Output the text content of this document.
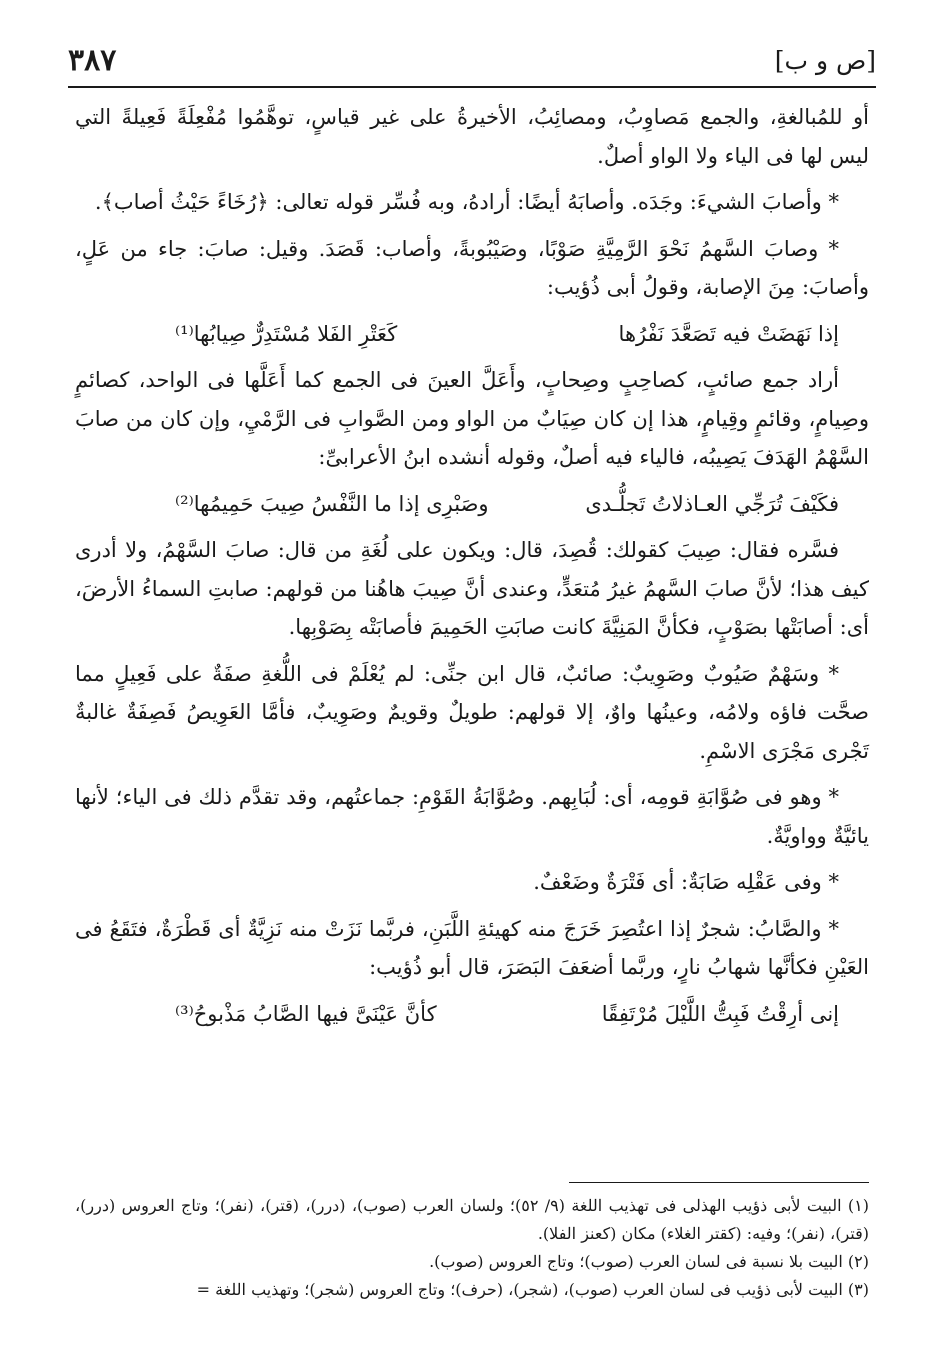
٣٨٧	[ص و ب]

أو للمُبالغةِ، والجمع مَصاوِبُ، ومصائِبُ، الأخيرةُ على غير قياسٍ، توهَّمُوا مُفْعِلَةً فَعِيلةً التي ليس لها فى الياء ولا الواو أصلٌ.

* وأصابَ الشيءَ: وجَدَه. وأصابَهُ أيضًا: أرادهُ، وبه فُسِّر قوله تعالى: ﴿رُخَاءً حَيْثُ أصاب﴾.

* وصابَ السَّهمُ نَحْوَ الرَّمِيَّةِ صَوْبًا، وصَيْبُوبةً، وأصاب: قَصَدَ. وقيل: صابَ: جاء من عَلٍ، وأصابَ: مِنَ الإصابة، وقولُ أبى ذُؤيب:

إذا نَهَضَتْ فيه تَصَعَّدَ نَفْرُها
كَعَتْرِ الفَلا مُسْتَدِرٌّ صِيابُها⁽¹⁾

أراد جمع صائبٍ، كصاحِبٍ وصِحابٍ، وأَعَلَّ العينَ فى الجمع كما أَعَلَّها فى الواحد، كصائمٍ وصِيامٍ، وقائمٍ وقِيامٍ، هذا إن كان صِيَابٌ من الواو ومن الصَّوابِ فى الرَّمْيِ، وإن كان من صابَ السَّهْمُ الهَدَفَ يَصِيبُه، فالياء فيه أصلٌ، وقوله أنشده ابنُ الأعرابىِّ:

فكَيْفَ تُرَجِّي العـاذلاتُ تَجلُّـدى
وصَبْرِى إذا ما النَّفْسُ صِيبَ حَمِيمُها⁽²⁾

فسَّره فقال: صِيبَ كقولك: قُصِدَ، قال: ويكون على لُغَةِ من قال: صابَ السَّهْمُ، ولا أدرى كيف هذا؛ لأنَّ صابَ السَّهمُ غيرُ مُتعَدٍّ، وعندى أنَّ صِيبَ هاهُنا من قولهم: صابتِ السماءُ الأرضَ، أى: أصابَتْها بصَوْبٍ، فكأنَّ المَنِيَّةَ كانت صابَتِ الحَمِيمَ فأصابَتْه بِصَوْبِها.

* وسَهْمٌ صَيُوبٌ وصَوِيبٌ: صائبٌ، قال ابن جنِّى: لم يُعْلَمْ فى اللُّغةِ صفَةٌ على فَعِيلٍ مما صحَّت فاؤه ولامُه، وعينُها واوٌ، إلا قولهم: طويلٌ وقويمٌ وصَوِيبٌ، فأمَّا العَوِيصُ فَصِفَةٌ غالبةٌ تَجْرى مَجْرَى الاسْمِ.

* وهو فى صُوَّابَةِ قومِه، أى: لُبَابِهم. وصُوَّابَةُ القَوْمِ: جماعتُهم، وقد تقدَّم ذلك فى الياء؛ لأنها يائيَّةٌ وواويَّةٌ.

* وفى عَقْلِه صَابَةٌ: أى فَتْرَةٌ وضَعْفٌ.

* والصَّابُ: شجرٌ إذا اعتُصِرَ خَرَجَ منه كهيئةِ اللَّبَنِ، فربَّما نَزَتْ منه نَزِيَّةٌ أى قَطْرَةٌ، فتَقَعُ فى العَيْنِ فكأنَّها شهابُ نارٍ، وربَّما أضعَفَ البَصَرَ، قال أبو ذُؤيب:

إنى أرِقْتُ فَبِتُّ اللَّيْلَ مُرْتَفِقًا
كأنَّ عَيْنَىَّ فيها الصَّابُ مَذْبوحُ⁽³⁾

(١) البيت لأبى ذؤيب الهذلى فى تهذيب اللغة (٩/ ٥٢)؛ ولسان العرب (صوب)، (درر)، (قتر)، (نفر)؛ وتاج العروس (درر)، (قتر)، (نفر)؛ وفيه: (كقتر الغلاء) مكان (كعنز الفلا).

(٢) البيت بلا نسبة فى لسان العرب (صوب)؛ وتاج العروس (صوب).

(٣) البيت لأبى ذؤيب فى لسان العرب (صوب)، (شجر)، (حرف)؛ وتاج العروس (شجر)؛ وتهذيب اللغة =
